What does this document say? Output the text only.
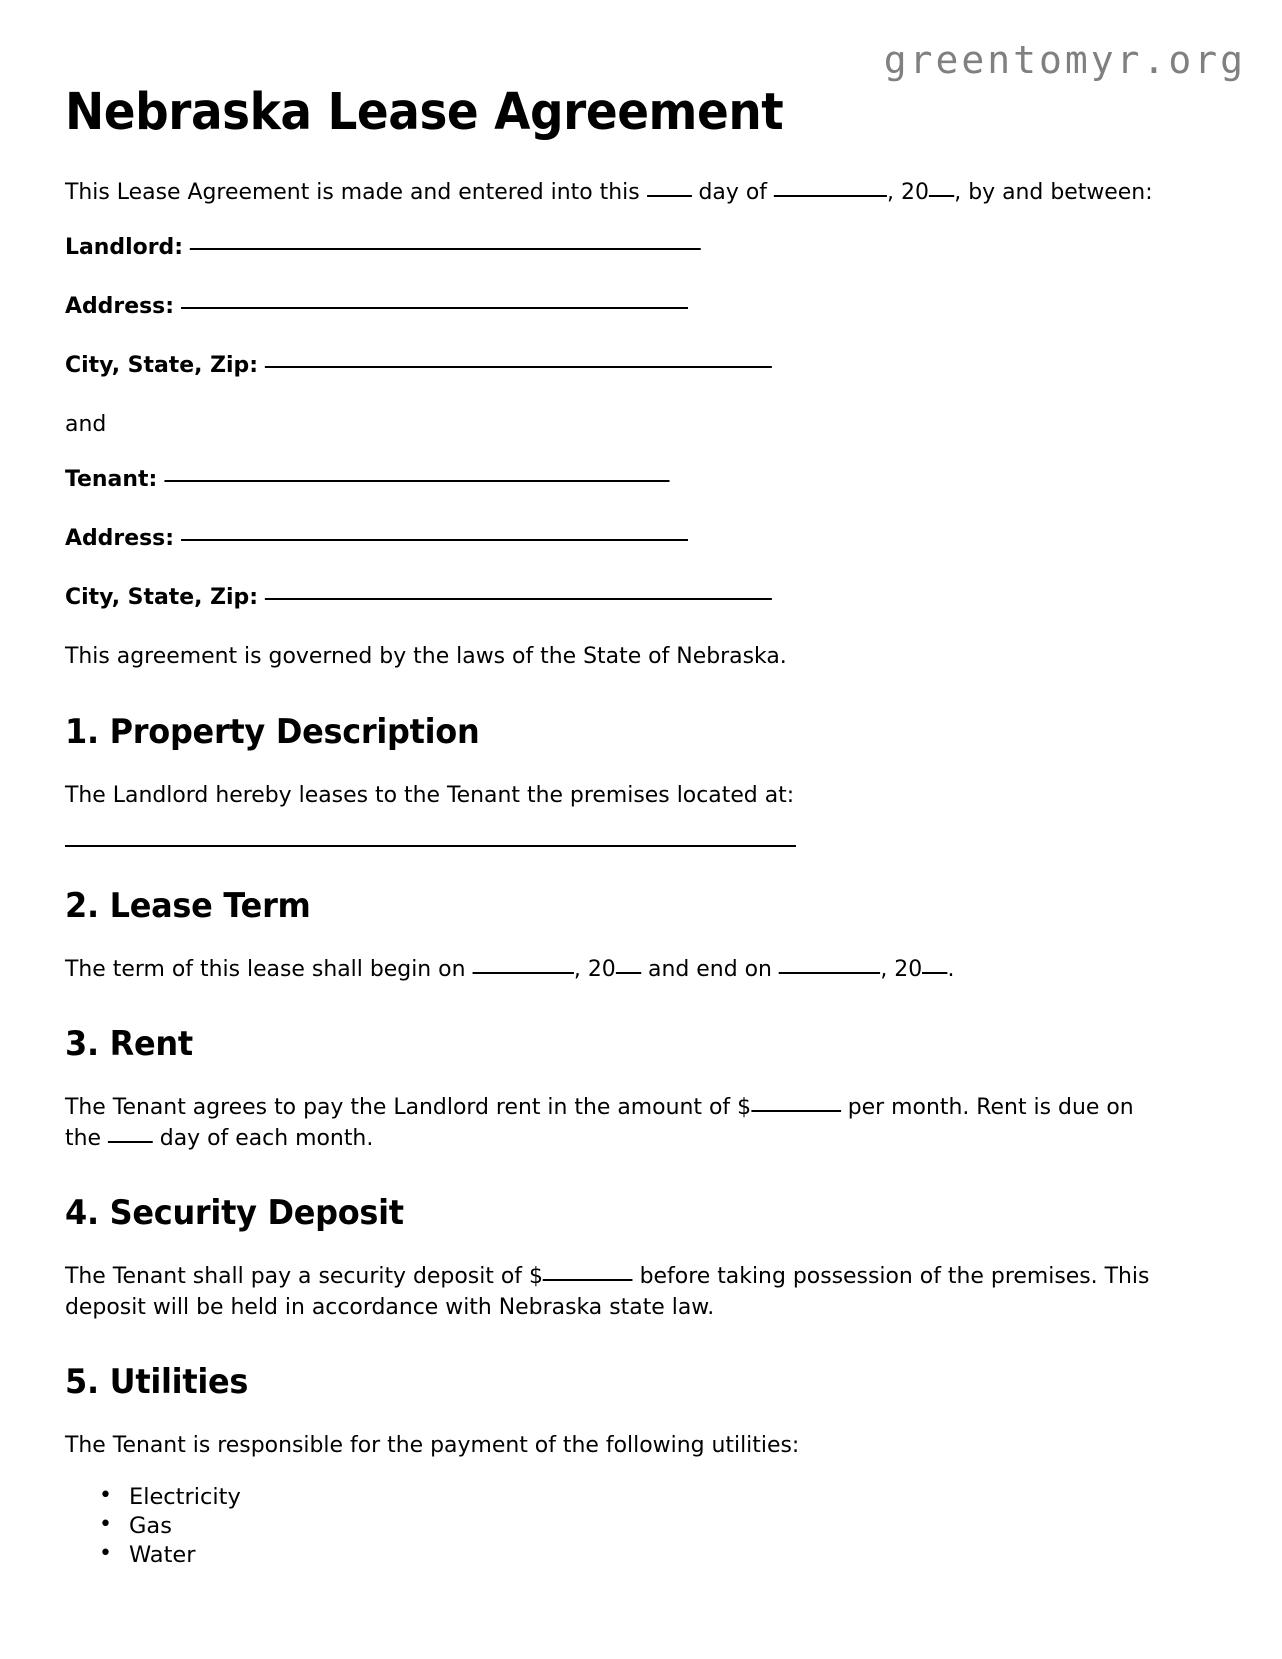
greentomyr.org
Nebraska Lease Agreement

This Lease Agreement is made and entered into this  day of	, 20 , by and between:

Landlord:
Address:
City, State, Zip:

and

Tenant:
Address:
City, State, Zip:

This agreement is governed by the laws of the State of Nebraska.

1. Property Description

The Landlord hereby leases to the Tenant the premises located at:

2. Lease Term

The term of this lease shall begin on	, 20 and end on	, 20 .

3. Rent

The Tenant agrees to pay the Landlord rent in the amount of $	per month. Rent is due on the  day of each month.

4. Security Deposit

The Tenant shall pay a security deposit of $	before taking possession of the premises. This deposit will be held in accordance with Nebraska state law.

5. Utilities

The Tenant is responsible for the payment of the following utilities:

• Electricity
• Gas
• Water
